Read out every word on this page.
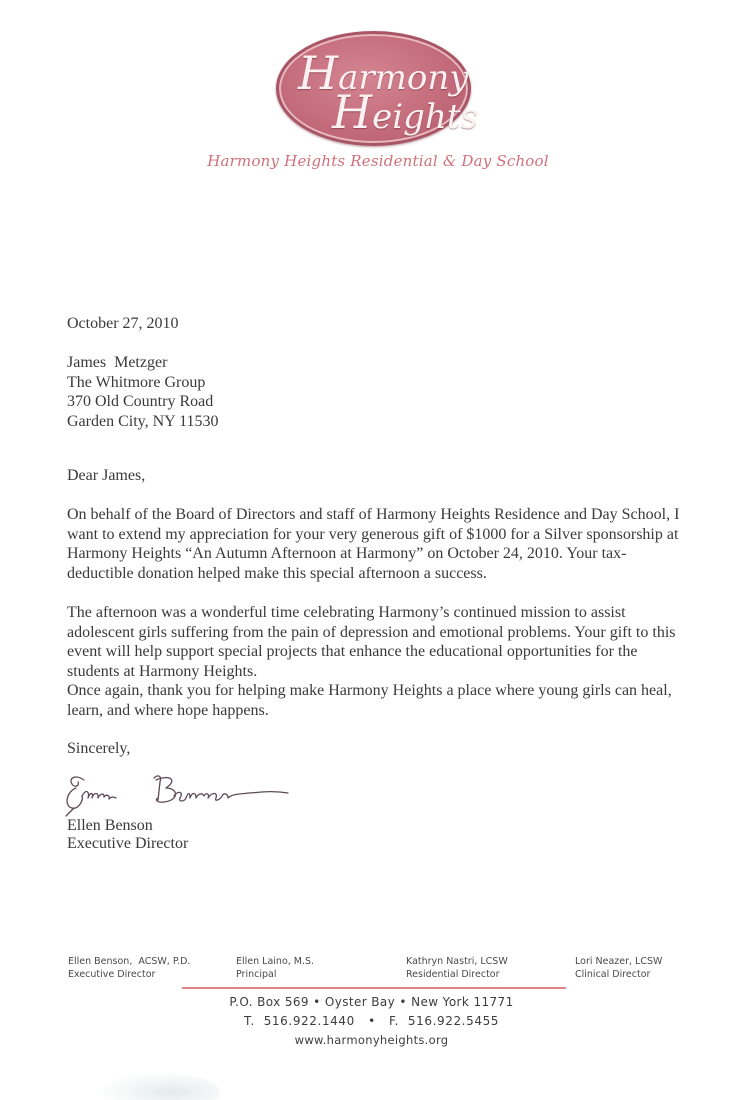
Harmony
Heights
Harmony Heights Residential & Day School
October 27, 2010
James  Metzger
The Whitmore Group
370 Old Country Road
Garden City, NY 11530
Dear James,
On behalf of the Board of Directors and staff of Harmony Heights Residence and Day School, I want to extend my appreciation for your very generous gift of $1000 for a Silver sponsorship at Harmony Heights “An Autumn Afternoon at Harmony” on October 24, 2010. Your tax-deductible donation helped make this special afternoon a success.
The afternoon was a wonderful time celebrating Harmony’s continued mission to assist adolescent girls suffering from the pain of depression and emotional problems. Your gift to this event will help support special projects that enhance the educational opportunities for the students at Harmony Heights.
Once again, thank you for helping make Harmony Heights a place where young girls can heal, learn, and where hope happens.
Sincerely,
Ellen Benson
Executive Director
Ellen Benson,  ACSW, P.D.
Executive Director
Ellen Laino, M.S.
Principal
Kathryn Nastri, LCSW
Residential Director
Lori Neazer, LCSW
Clinical Director
P.O. Box 569 • Oyster Bay • New York 11771
T.  516.922.1440   •   F.  516.922.5455
www.harmonyheights.org
